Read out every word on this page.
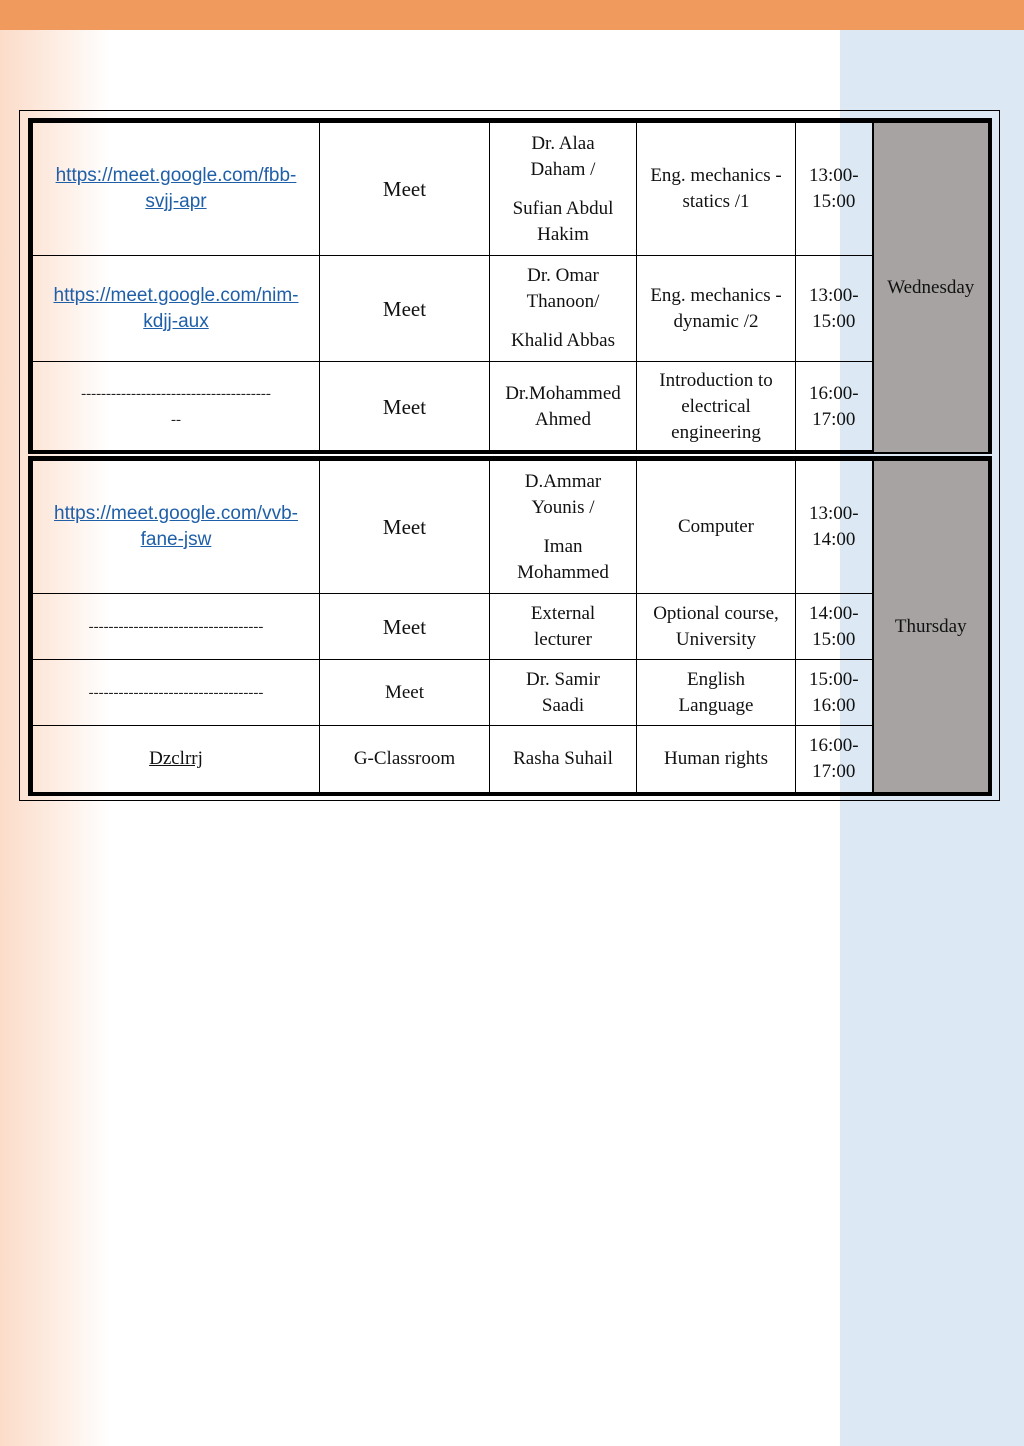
https://meet.google.com/fbb-
svjj-apr	Meet	Dr. Alaa
Daham /
Sufian Abdul
Hakim	Eng. mechanics -
statics /1	13:00-
15:00	Wednesday

https://meet.google.com/nim-
kdjj-aux	Meet	Dr. Omar
Thanoon/
Khalid Abbas	Eng. mechanics -
dynamic /2	13:00-
15:00	

--------------------------------------
--	Meet	Dr.Mohammed
Ahmed	Introduction to
electrical
engineering	16:00-
17:00	
https://meet.google.com/vvb-
fane-jsw	Meet	D.Ammar
Younis /
Iman
Mohammed	Computer	13:00-
14:00	Thursday
-----------------------------------	Meet	External
lecturer	Optional course,
University	14:00-
15:00	

-----------------------------------	Meet	Dr. Samir
Saadi	English
Language	15:00-
16:00	

Dzclrrj	G-Classroom	Rasha Suhail	Human rights	16:00-
17:00	
